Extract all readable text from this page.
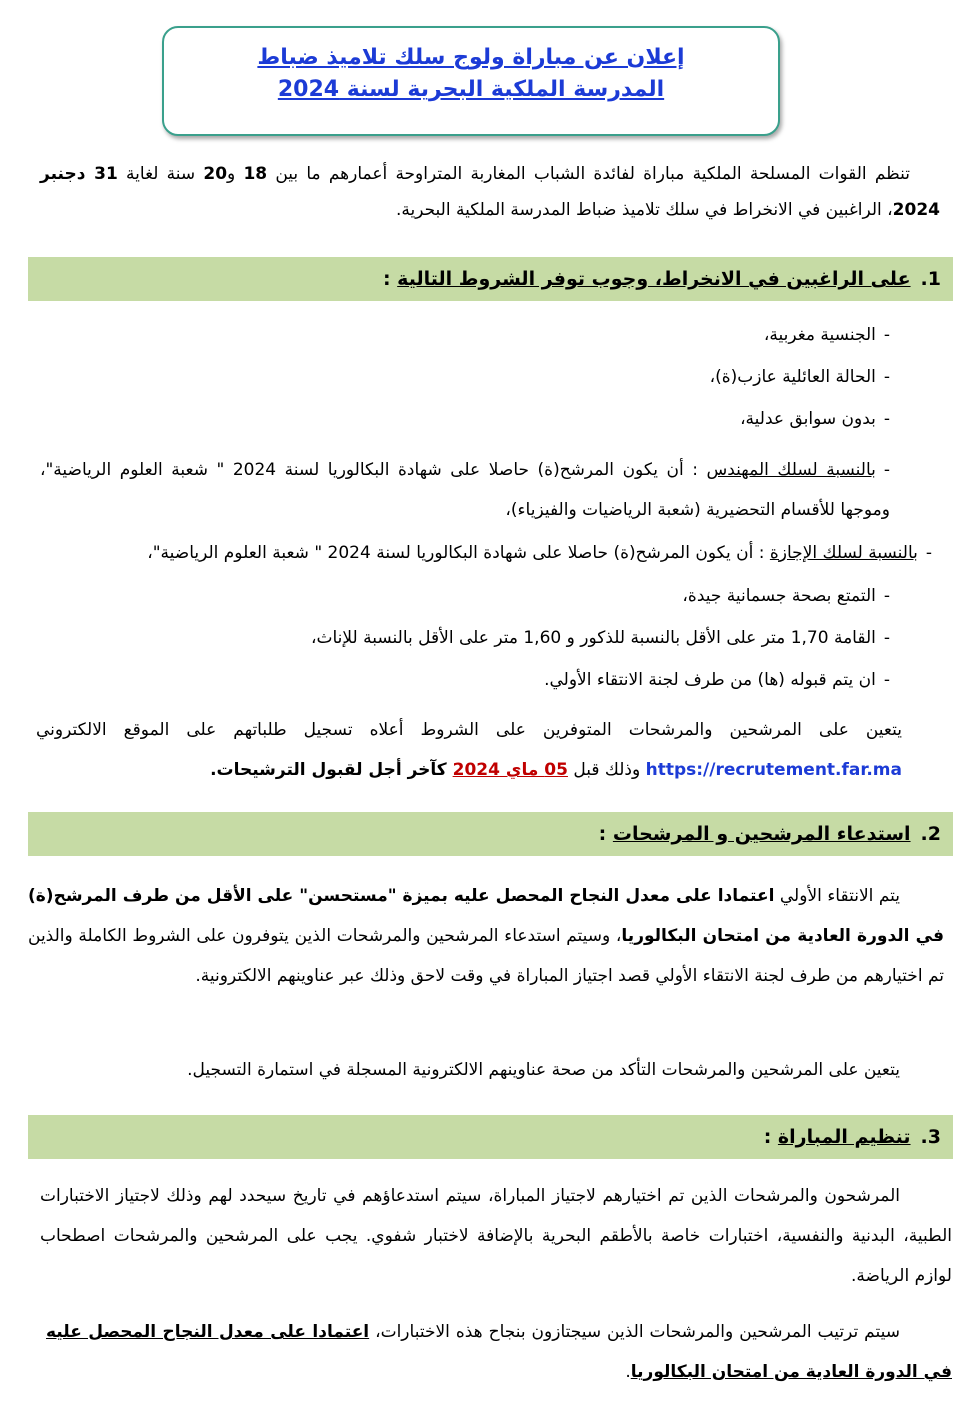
إعلان عن مباراة ولوج سلك تلاميذ ضباط
المدرسة الملكية البحرية لسنة 2024
تنظم القوات المسلحة الملكية مباراة لفائدة الشباب المغاربة المتراوحة أعمارهم ما بين 18 و20 سنة لغاية 31 دجنبر 2024، الراغبين في الانخراط في سلك تلاميذ ضباط المدرسة الملكية البحرية.
1.على الراغبين في الانخراط، وجوب توفر الشروط التالية :
-الجنسية مغربية،
-الحالة العائلية عازب(ة)،
-بدون سوابق عدلية،
-بالنسبة لسلك المهندس : أن يكون المرشح(ة) حاصلا على شهادة البكالوريا لسنة 2024 " شعبة العلوم الرياضية"، وموجها للأقسام التحضيرية (شعبة الرياضيات والفيزياء)،
-بالنسبة لسلك الإجازة : أن يكون المرشح(ة) حاصلا على شهادة البكالوريا لسنة 2024 " شعبة العلوم الرياضية"،
-التمتع بصحة جسمانية جيدة،
-القامة 1,70 متر على الأقل بالنسبة للذكور و 1,60 متر على الأقل بالنسبة للإناث،
-ان يتم قبوله (ها) من طرف لجنة الانتقاء الأولي.
يتعين على المرشحين والمرشحات المتوفرين على الشروط أعلاه تسجيل طلباتهم على الموقع الالكتروني https://recrutement.far.ma وذلك قبل 05 ماي 2024 كآخر أجل لقبول الترشيحات.
2.استدعاء المرشحين و المرشحات :
يتم الانتقاء الأولي اعتمادا على معدل النجاح المحصل عليه بميزة "مستحسن" على الأقل من طرف المرشح(ة) في الدورة العادية من امتحان البكالوريا، وسيتم استدعاء المرشحين والمرشحات الذين يتوفرون على الشروط الكاملة والذين تم اختيارهم من طرف لجنة الانتقاء الأولي قصد اجتياز المباراة في وقت لاحق وذلك عبر عناوينهم الالكترونية.
يتعين على المرشحين والمرشحات التأكد من صحة عناوينهم الالكترونية المسجلة في استمارة التسجيل.
3.تنظيم المباراة :
المرشحون والمرشحات الذين تم اختيارهم لاجتياز المباراة، سيتم استدعاؤهم في تاريخ سيحدد لهم وذلك لاجتياز الاختبارات الطبية، البدنية والنفسية، اختبارات خاصة بالأطقم البحرية بالإضافة لاختبار شفوي. يجب على المرشحين والمرشحات اصطحاب لوازم الرياضة.
سيتم ترتيب المرشحين والمرشحات الذين سيجتازون بنجاح هذه الاختبارات، اعتمادا على معدل النجاح المحصل عليه في الدورة العادية من امتحان البكالوريا.
